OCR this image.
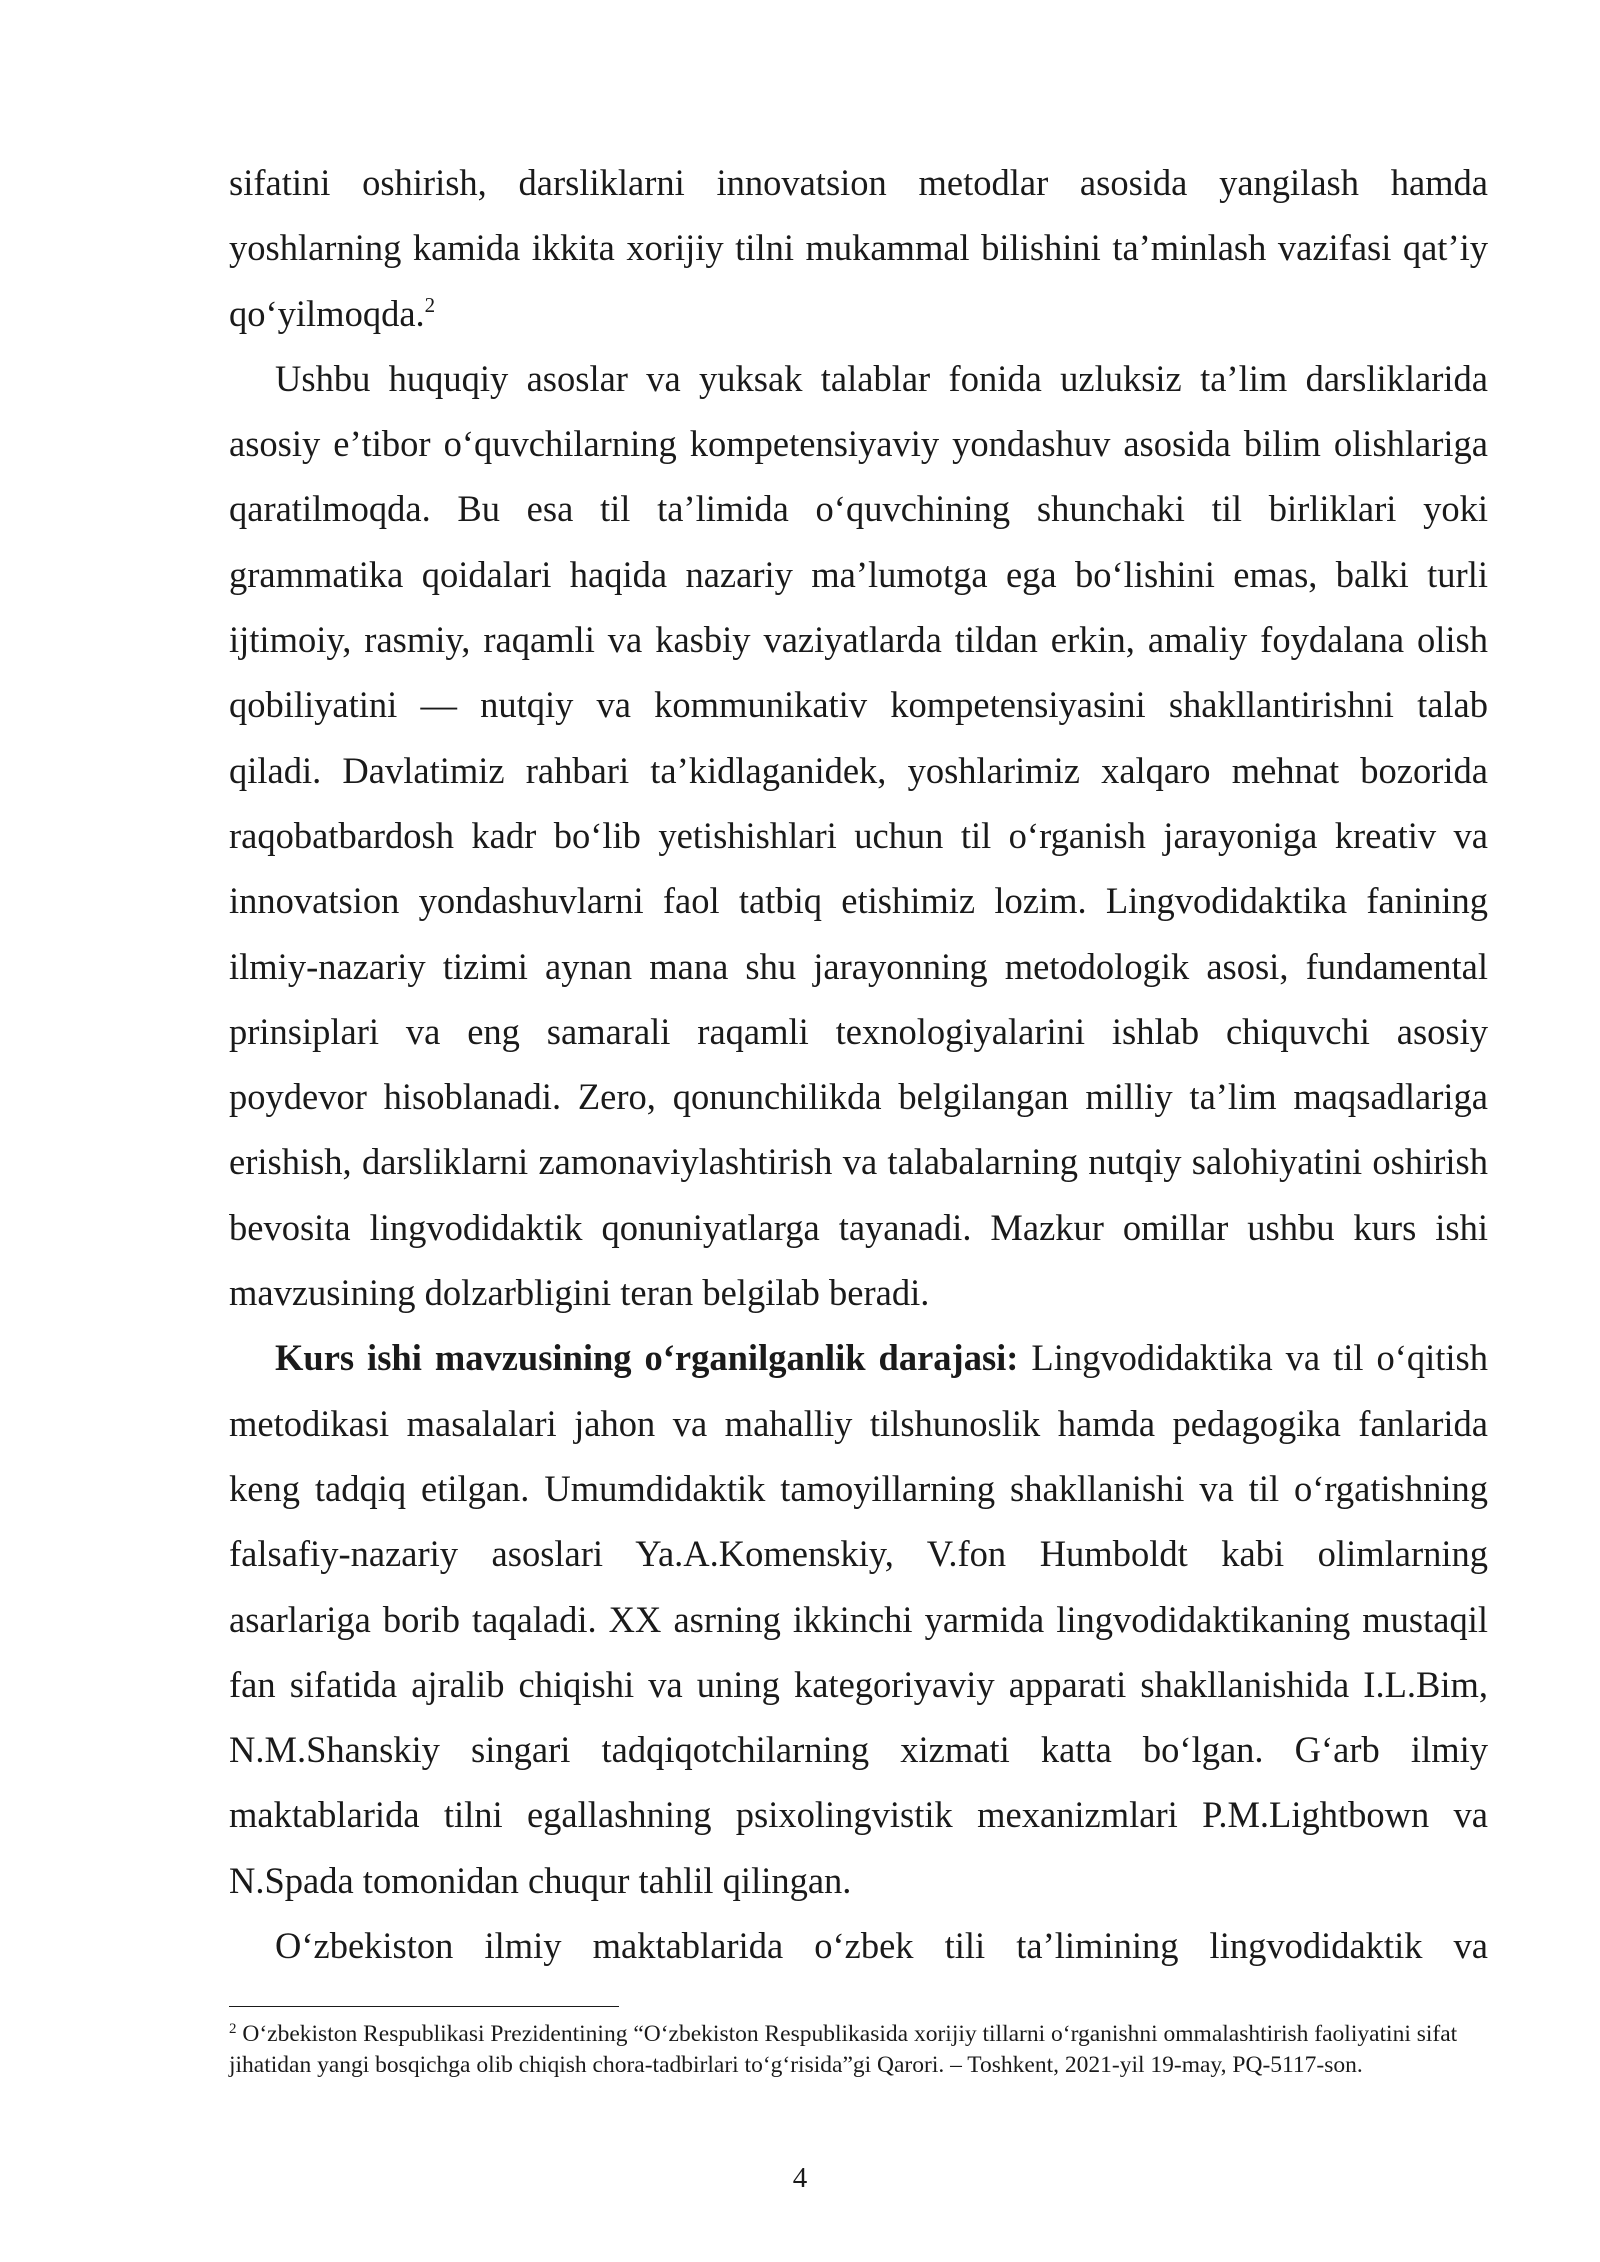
sifatini oshirish, darsliklarni innovatsion metodlar asosida yangilash hamda yoshlarning kamida ikkita xorijiy tilni mukammal bilishini taʼminlash vazifasi qatʼiy qoʻyilmoqda.$^2$

Ushbu huquqiy asoslar va yuksak talablar fonida uzluksiz taʼlim darsliklarida asosiy eʼtibor oʻquvchilarning kompetensiyaviy yondashuv asosida bilim olishlariga qaratilmoqda. Bu esa til taʼlimida oʻquvchining shunchaki til birliklari yoki grammatika qoidalari haqida nazariy maʼlumotga ega boʻlishini emas, balki turli ijtimoiy, rasmiy, raqamli va kasbiy vaziyatlarda tildan erkin, amaliy foydalana olish qobiliyatini — nutqiy va kommunikativ kompetensiyasini shakllantirishni talab qiladi. Davlatimiz rahbari taʼkidlaganidek, yoshlarimiz xalqaro mehnat bozorida raqobatbardosh kadr boʻlib yetishishlari uchun til oʻrganish jarayoniga kreativ va innovatsion yondashuvlarni faol tatbiq etishimiz lozim. Lingvodidaktika fanining ilmiy-nazariy tizimi aynan mana shu jarayonning metodologik asosi, fundamental prinsiplari va eng samarali raqamli texnologiyalarini ishlab chiquvchi asosiy poydevor hisoblanadi. Zero, qonunchilikda belgilangan milliy taʼlim maqsadlariga erishish, darsliklarni zamonaviylashtirish va talabalarning nutqiy salohiyatini oshirish bevosita lingvodidaktik qonuniyatlarga tayanadi. Mazkur omillar ushbu kurs ishi mavzusining dolzarbligini teran belgilab beradi.

Kurs ishi mavzusining oʻrganilganlik darajasi: Lingvodidaktika va til oʻqitish metodikasi masalalari jahon va mahalliy tilshunoslik hamda pedagogika fanlarida keng tadqiq etilgan. Umumdidaktik tamoyillarning shakllanishi va til oʻrgatishning falsafiy-nazariy asoslari Ya.A.Komenskiy, V.fon Humboldt kabi olimlarning asarlariga borib taqaladi. XX asrning ikkinchi yarmida lingvodidaktikaning mustaqil fan sifatida ajralib chiqishi va uning kategoriyaviy apparati shakllanishida I.L.Bim, N.M.Shanskiy singari tadqiqotchilarning xizmati katta boʻlgan. Gʻarb ilmiy maktablarida tilni egallashning psixolingvistik mexanizmlari P.M.Lightbown va N.Spada tomonidan chuqur tahlil qilingan.

Oʻzbekiston ilmiy maktablarida oʻzbek tili taʼlimining lingvodidaktik va

$^2$ Oʻzbekiston Respublikasi Prezidentining “Oʻzbekiston Respublikasida xorijiy tillarni oʻrganishni ommalashtirish faoliyatini sifat jihatidan yangi bosqichga olib chiqish chora-tadbirlari toʻgʻrisida”gi Qarori. – Toshkent, 2021-yil 19-may, PQ-5117-son.

4
